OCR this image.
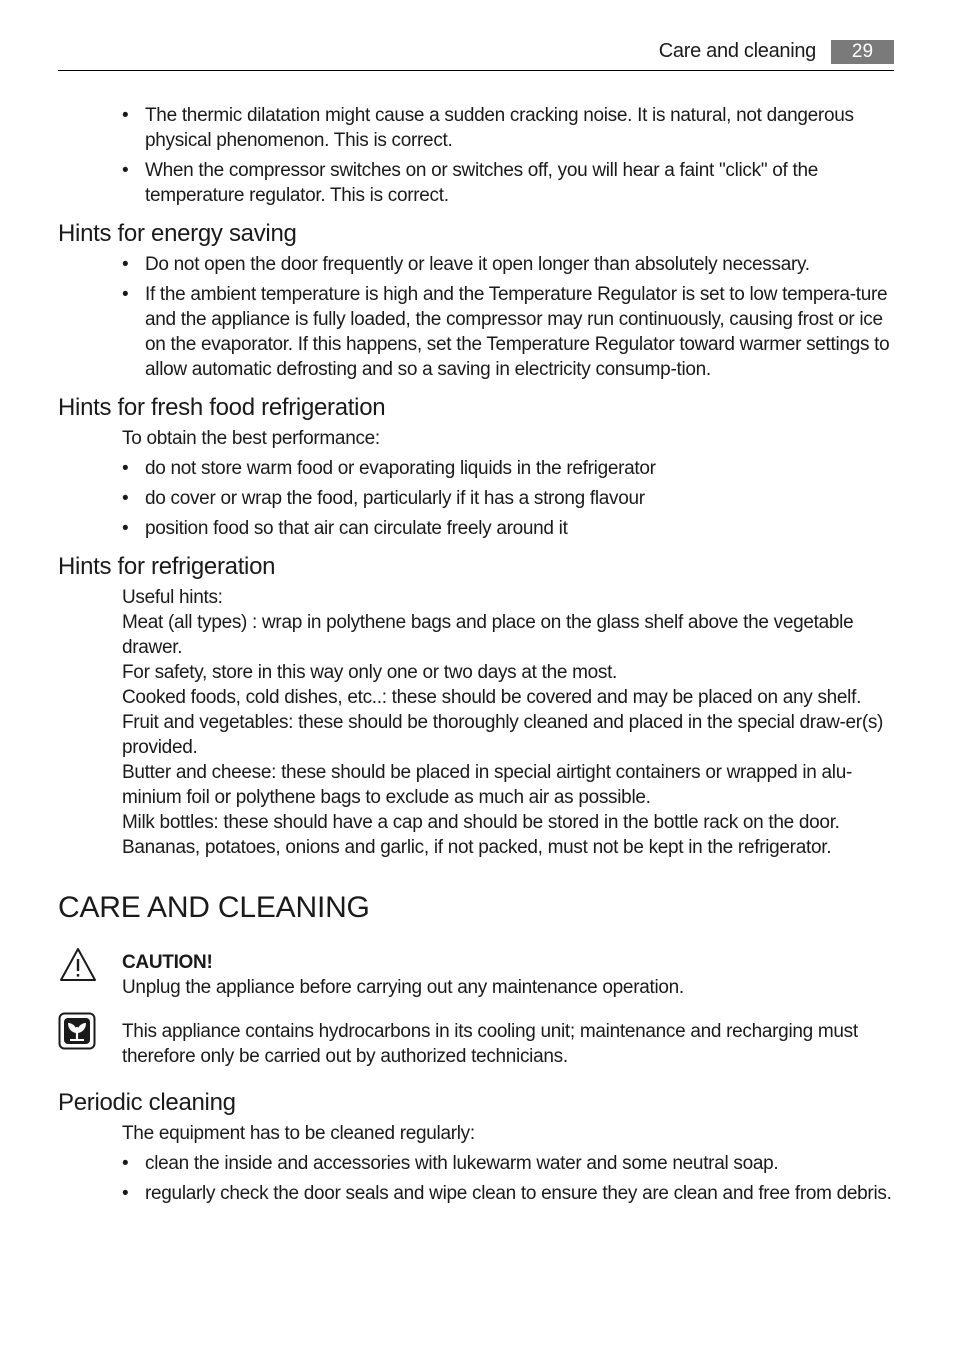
Care and cleaning	29
• The thermic dilatation might cause a sudden cracking noise. It is natural, not dangerous physical phenomenon. This is correct.
• When the compressor switches on or switches off, you will hear a faint "click" of the temperature regulator. This is correct.
Hints for energy saving
• Do not open the door frequently or leave it open longer than absolutely necessary.
• If the ambient temperature is high and the Temperature Regulator is set to low tempera-ture and the appliance is fully loaded, the compressor may run continuously, causing frost or ice on the evaporator. If this happens, set the Temperature Regulator toward warmer settings to allow automatic defrosting and so a saving in electricity consump-tion.
Hints for fresh food refrigeration

To obtain the best performance:

• do not store warm food or evaporating liquids in the refrigerator
• do cover or wrap the food, particularly if it has a strong flavour
• position food so that air can circulate freely around it
Hints for refrigeration

Useful hints:

Meat (all types) : wrap in polythene bags and place on the glass shelf above the vegetable drawer.

For safety, store in this way only one or two days at the most.

Cooked foods, cold dishes, etc..: these should be covered and may be placed on any shelf.

Fruit and vegetables: these should be thoroughly cleaned and placed in the special draw-er(s) provided.

Butter and cheese: these should be placed in special airtight containers or wrapped in alu-minium foil or polythene bags to exclude as much air as possible.

Milk bottles: these should have a cap and should be stored in the bottle rack on the door.

Bananas, potatoes, onions and garlic, if not packed, must not be kept in the refrigerator.

CARE AND CLEANING

CAUTION!

Unplug the appliance before carrying out any maintenance operation.

This appliance contains hydrocarbons in its cooling unit; maintenance and recharging must therefore only be carried out by authorized technicians.

Periodic cleaning

The equipment has to be cleaned regularly:

• clean the inside and accessories with lukewarm water and some neutral soap.
• regularly check the door seals and wipe clean to ensure they are clean and free from debris.
